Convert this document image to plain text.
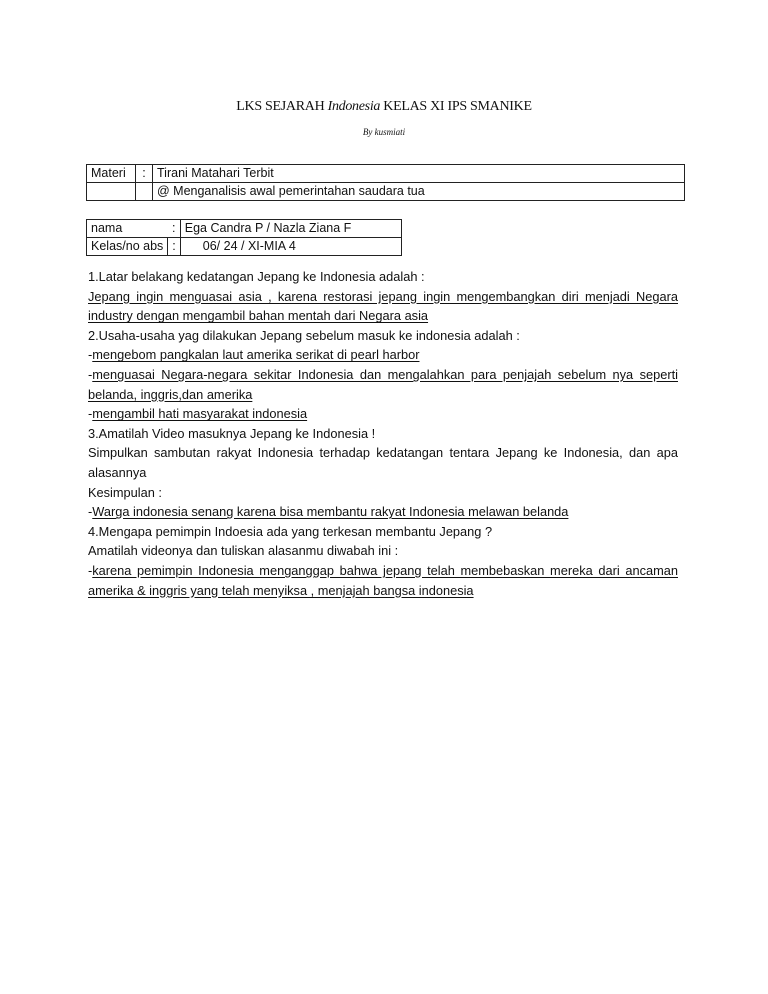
LKS SEJARAH Indonesia KELAS XI IPS SMANIKE
By kusmiati
Materi	:	Tirani Matahari Terbit
		@ Menganalisis awal pemerintahan saudara tua
nama	:	Ega Candra P / Nazla Ziana F
Kelas/no abs	:	06/ 24 / XI-MIA 4
1.Latar belakang kedatangan Jepang ke Indonesia adalah :
Jepang ingin menguasai asia , karena restorasi jepang ingin mengembangkan diri menjadi Negara
industry dengan mengambil bahan mentah dari Negara asia
2.Usaha-usaha yag dilakukan Jepang sebelum masuk ke indonesia adalah :
-mengebom pangkalan laut amerika serikat di pearl harbor
-menguasai Negara-negara sekitar Indonesia dan mengalahkan para penjajah sebelum nya seperti
belanda, inggris,dan amerika
-mengambil hati masyarakat indonesia
3.Amatilah Video masuknya Jepang ke Indonesia !
Simpulkan sambutan rakyat Indonesia terhadap kedatangan tentara Jepang ke Indonesia, dan apa
alasannya
Kesimpulan :
-Warga indonesia senang karena bisa membantu rakyat Indonesia melawan belanda
4.Mengapa pemimpin Indoesia ada yang terkesan membantu Jepang ?
Amatilah videonya dan tuliskan alasanmu diwabah ini :
-karena pemimpin Indonesia menganggap bahwa jepang telah membebaskan mereka dari ancaman
amerika & inggris yang telah menyiksa , menjajah bangsa indonesia
